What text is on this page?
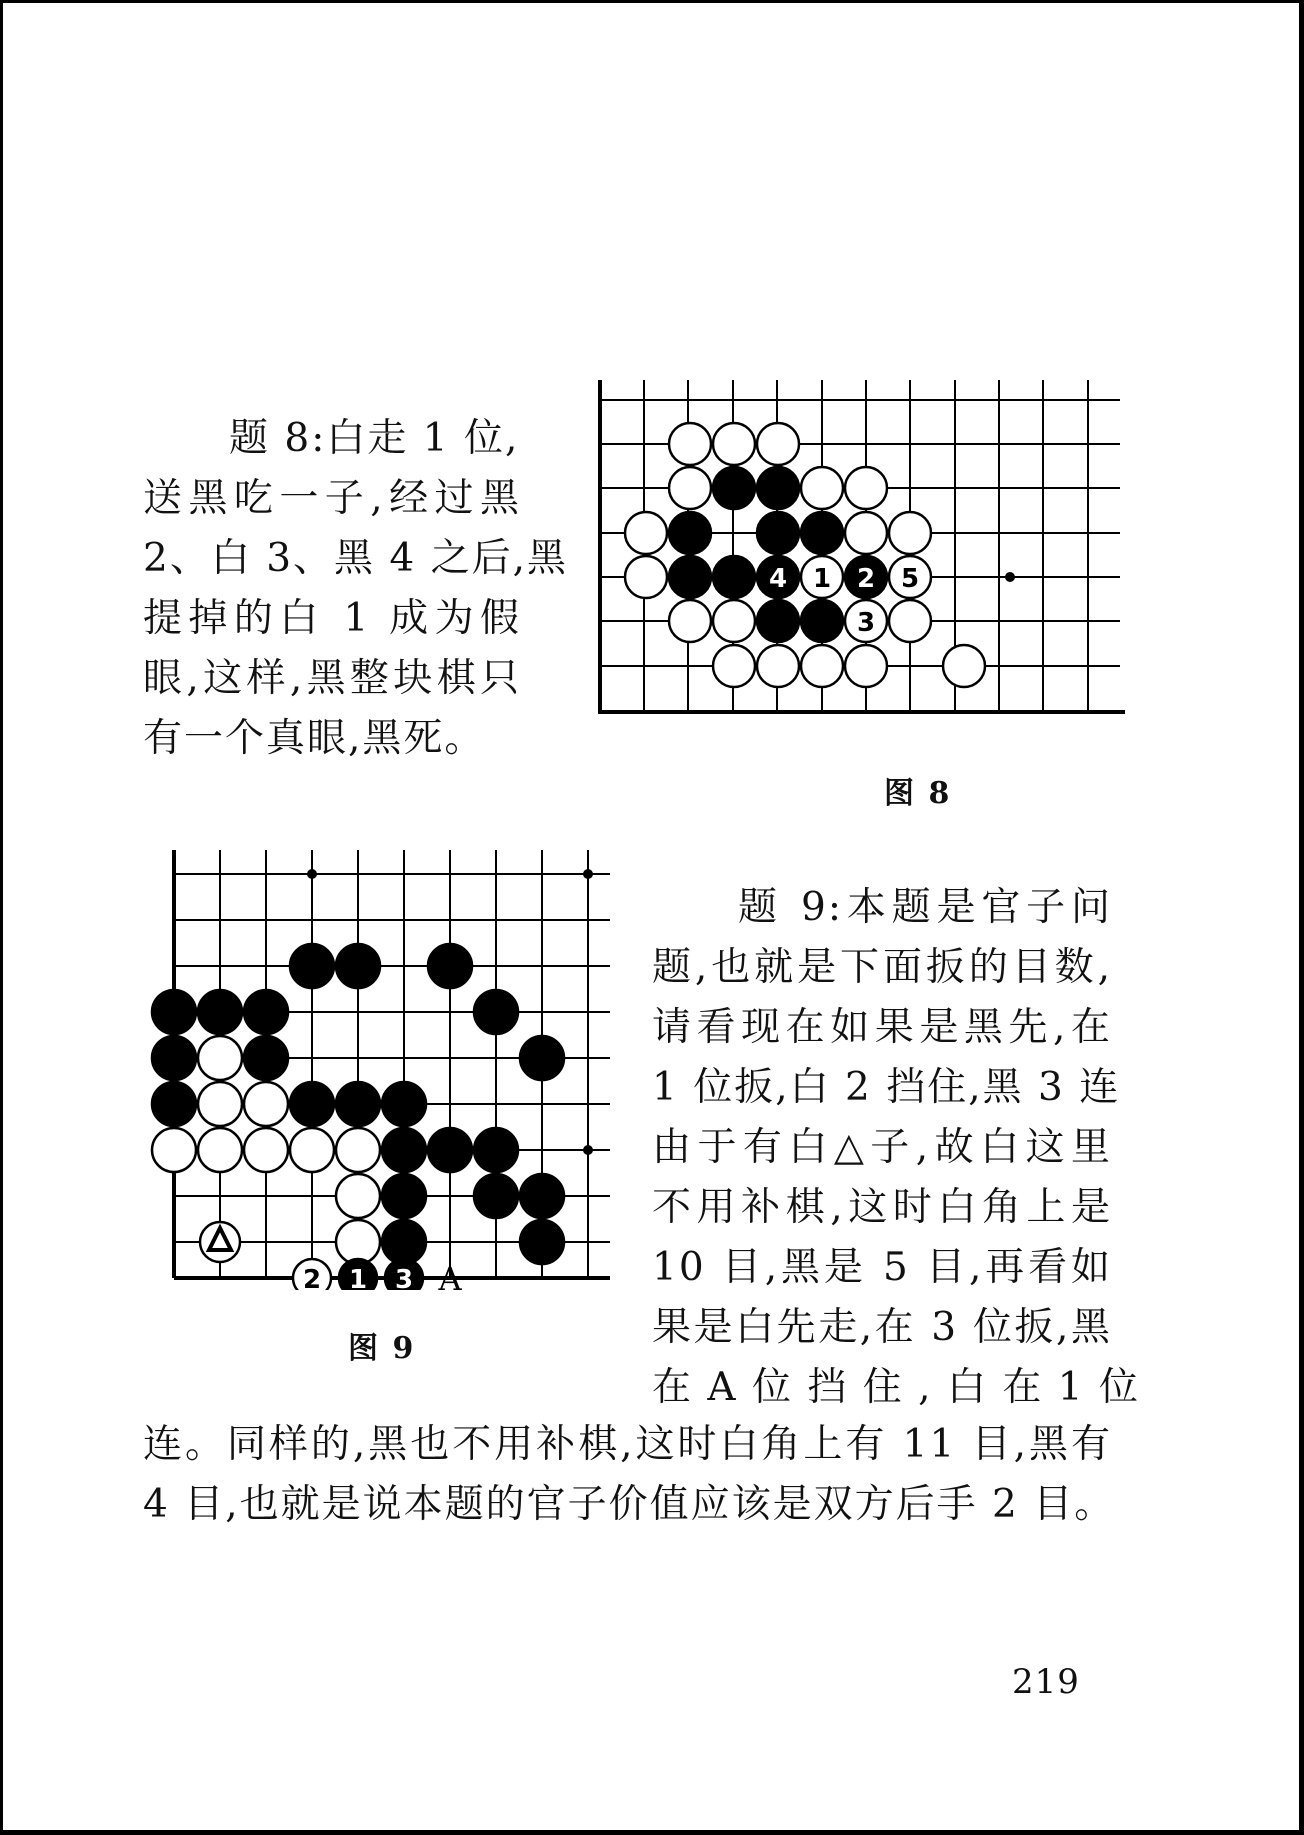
题 8:白走 1 位,
送黑吃一子,经过黑
2、白 3、黑 4 之后,黑
提掉的白 1 成为假
眼,这样,黑整块棋只
有一个真眼,黑死。
4 1 2 5
3
图 8
2 1 3 A
图 9
题 9:本题是官子问
题,也就是下面扳的目数,
请看现在如果是黑先,在
1 位扳,白 2 挡住,黑 3 连
由于有白△子,故白这里
不用补棋,这时白角上是
10 目,黑是 5 目,再看如
果是白先走,在 3 位扳,黑
在 A 位 挡 住 , 白 在 1 位
连。同样的,黑也不用补棋,这时白角上有 11 目,黑有
4 目,也就是说本题的官子价值应该是双方后手 2 目。
219
